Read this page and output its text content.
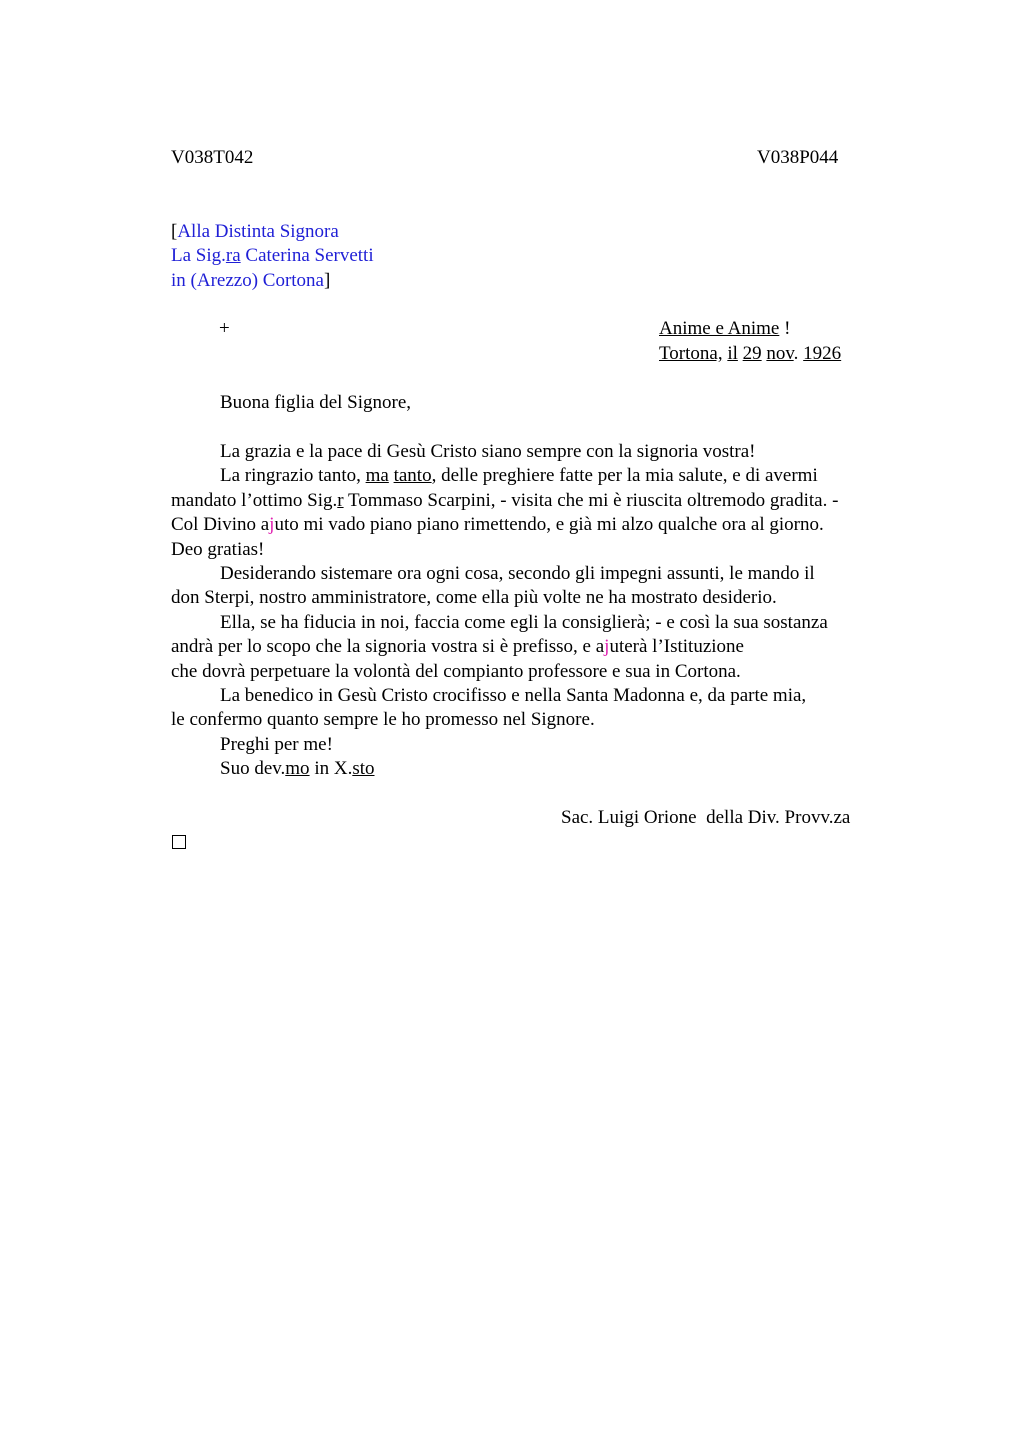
V038T042	V038P044
[Alla Distinta Signora
La Sig.ra Caterina Servetti
in (Arezzo) Cortona]
+	Anime e Anime !
Tortona, il 29 nov. 1926
Buona figlia del Signore,
La grazia e la pace di Gesù Cristo siano sempre con la signoria vostra!
La ringrazio tanto, ma tanto, delle preghiere fatte per la mia salute, e di avermi
mandato l’ottimo Sig.r Tommaso Scarpini, - visita che mi è riuscita oltremodo gradita. -
Col Divino ajuto mi vado piano piano rimettendo, e già mi alzo qualche ora al giorno.
Deo gratias!
Desiderando sistemare ora ogni cosa, secondo gli impegni assunti, le mando il
don Sterpi, nostro amministratore, come ella più volte ne ha mostrato desiderio.
Ella, se ha fiducia in noi, faccia come egli la consiglierà; - e così la sua sostanza
andrà per lo scopo che la signoria vostra si è prefisso, e ajuterà l’Istituzione
che dovrà perpetuare la volontà del compianto professore e sua in Cortona.
La benedico in Gesù Cristo crocifisso e nella Santa Madonna e, da parte mia,
le confermo quanto sempre le ho promesso nel Signore.
Preghi per me!
Suo dev.mo in X.sto
Sac. Luigi Orione  della Div. Provv.za
